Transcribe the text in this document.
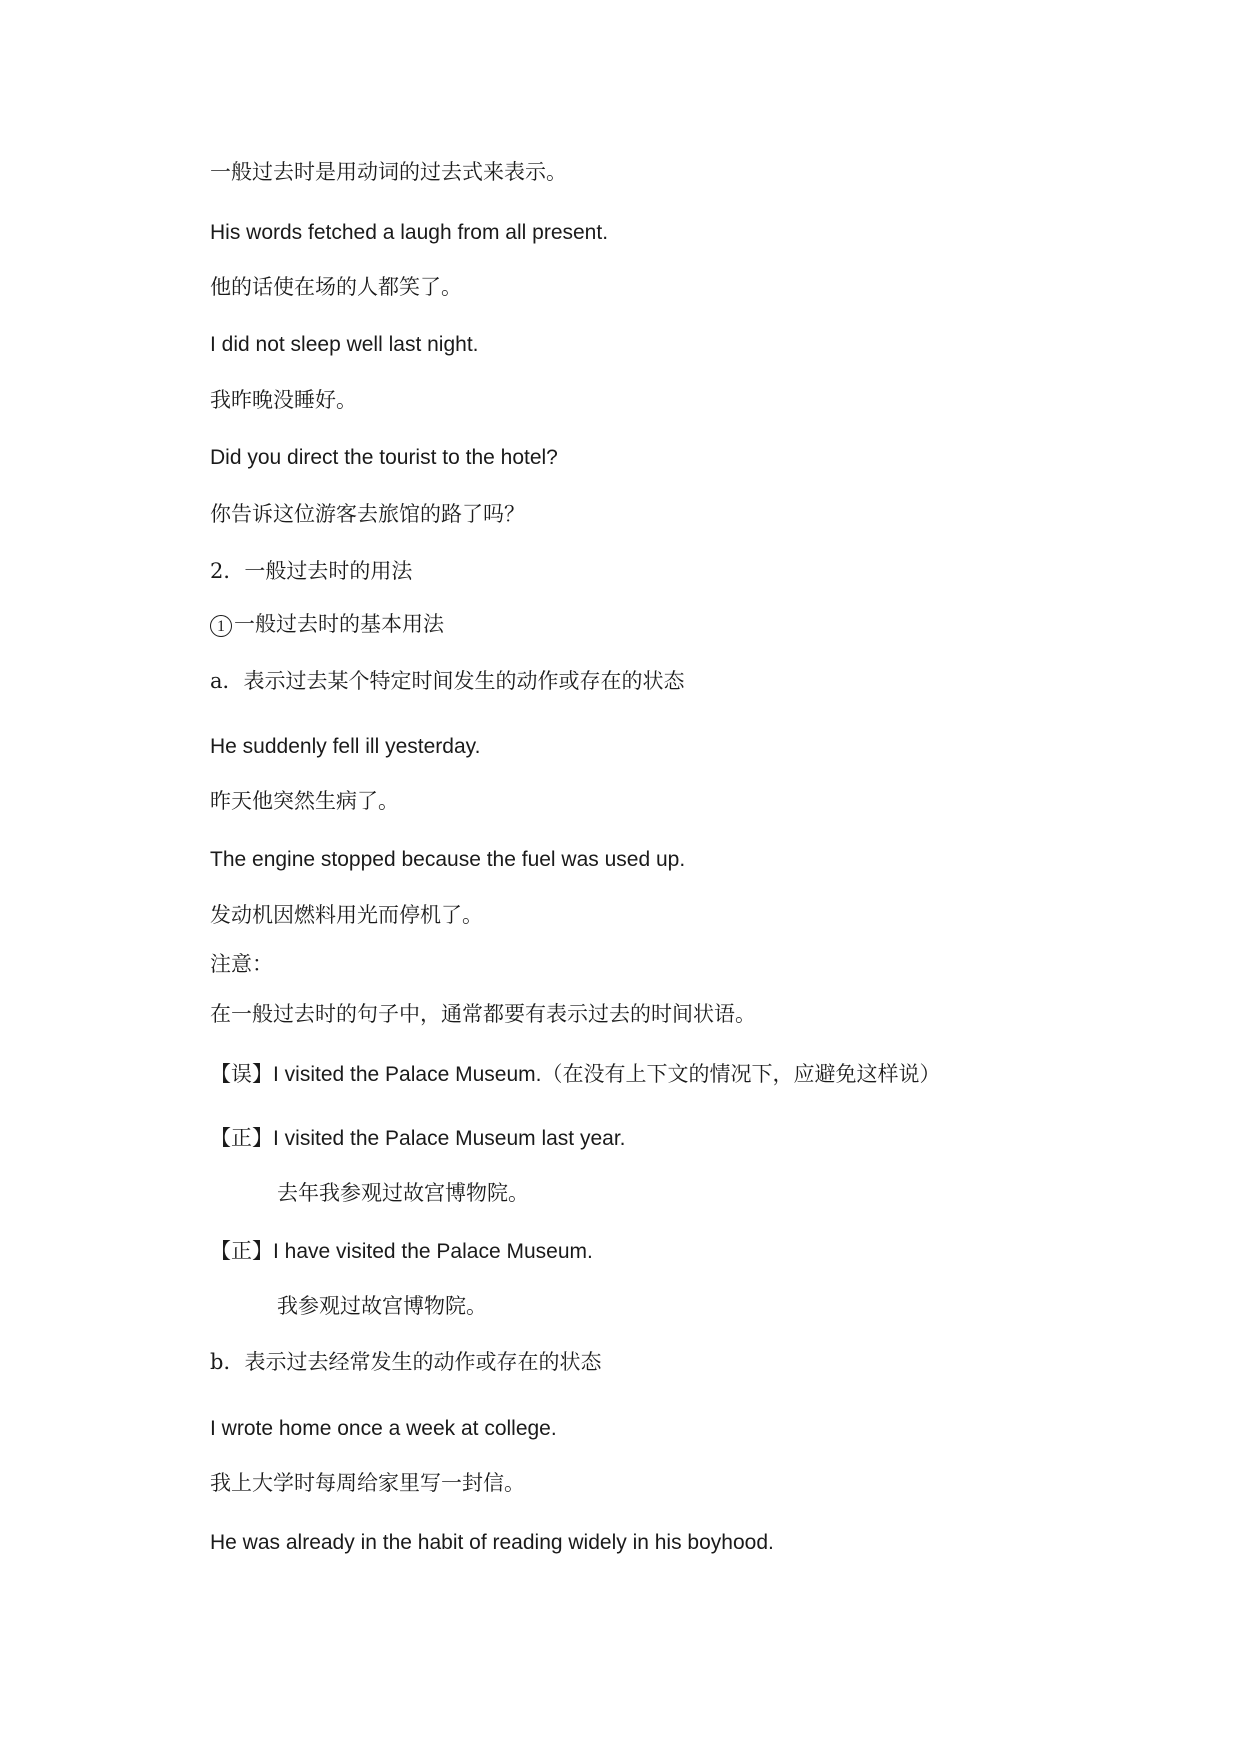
一般过去时是用动词的过去式来表示。
His words fetched a laugh from all present.
他的话使在场的人都笑了。
I did not sleep well last night.
我昨晚没睡好。
Did you direct the tourist to the hotel?
你告诉这位游客去旅馆的路了吗？
2．一般过去时的用法
1 一般过去时的基本用法
a．表示过去某个特定时间发生的动作或存在的状态
He suddenly fell ill yesterday.
昨天他突然生病了。
The engine stopped because the fuel was used up.
发动机因燃料用光而停机了。
注意：
在一般过去时的句子中，通常都要有表示过去的时间状语。
【误】I visited the Palace Museum.（在没有上下文的情况下，应避免这样说）
【正】I visited the Palace Museum last year.
去年我参观过故宫博物院。
【正】I have visited the Palace Museum.
我参观过故宫博物院。
b．表示过去经常发生的动作或存在的状态
I wrote home once a week at college.
我上大学时每周给家里写一封信。
He was already in the habit of reading widely in his boyhood.
